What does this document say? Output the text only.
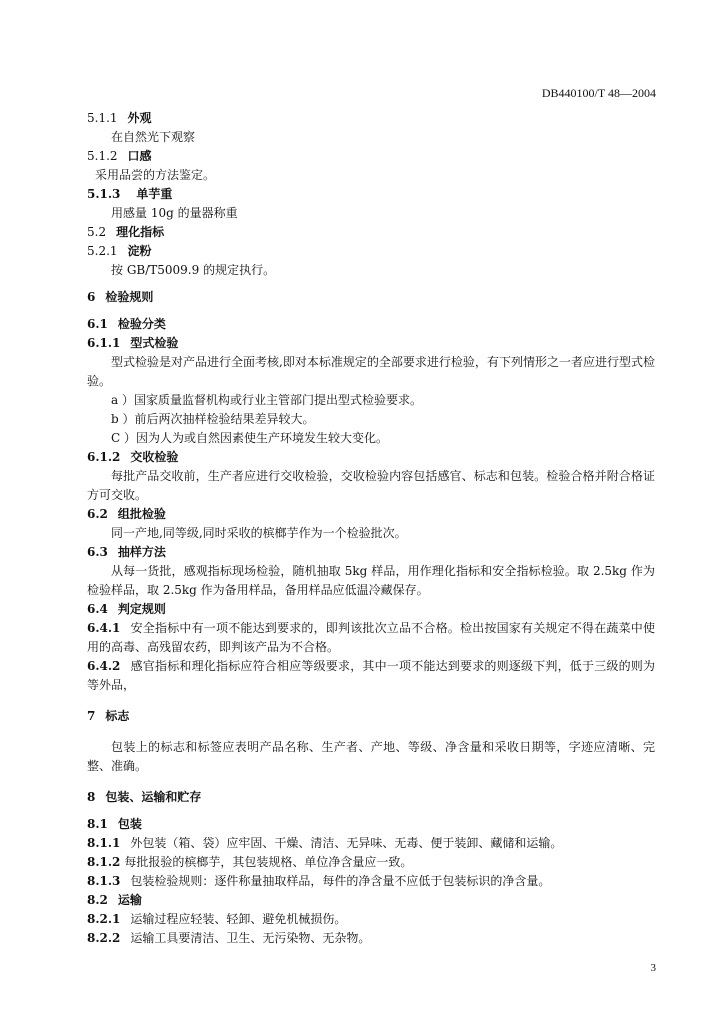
DB440100/T 48—2004
5.1.1 外观
在自然光下观察
5.1.2 口感
采用品尝的方法鉴定。
5.1.3 单芋重
用感量 10g 的量器称重
5.2 理化指标
5.2.1 淀粉
按 GB/T5009.9 的规定执行。
6 检验规则
6.1 检验分类
6.1.1 型式检验
型式检验是对产品进行全面考核,即对本标准规定的全部要求进行检验，有下列情形之一者应进行型式检验。
a ）国家质量监督机构或行业主管部门提出型式检验要求。
b ）前后两次抽样检验结果差异较大。
C ）因为人为或自然因素使生产环境发生较大变化。
6.1.2 交收检验
每批产品交收前，生产者应进行交收检验，交收检验内容包括感官、标志和包装。检验合格并附合格证方可交收。
6.2 组批检验
同一产地,同等级,同时采收的槟榔芋作为一个检验批次。
6.3 抽样方法
从每一货批，感观指标现场检验，随机抽取 5kg 样品，用作理化指标和安全指标检验。取 2.5kg 作为检验样品，取 2.5kg 作为备用样品，备用样品应低温冷藏保存。
6.4 判定规则
6.4.1 安全指标中有一项不能达到要求的，即判该批次立品不合格。检出按国家有关规定不得在蔬菜中使用的高毒、高残留农药，即判该产品为不合格。
6.4.2 感官指标和理化指标应符合相应等级要求，其中一项不能达到要求的则逐级下判，低于三级的则为等外品，
7 标志
包装上的标志和标签应表明产品名称、生产者、产地、等级、净含量和采收日期等，字迹应清晰、完整、准确。
8 包装、运输和贮存
8.1 包装
8.1.1 外包装（箱、袋）应牢固、干燥、清洁、无异味、无毒、便于装卸、藏储和运输。
8.1.2 每批报验的槟榔芋，其包装规格、单位净含量应一致。
8.1.3 包装检验规则：逐件称量抽取样品，每件的净含量不应低于包装标识的净含量。
8.2 运输
8.2.1 运输过程应轻装、轻卸、避免机械损伤。
8.2.2 运输工具要清洁、卫生、无污染物、无杂物。
3
